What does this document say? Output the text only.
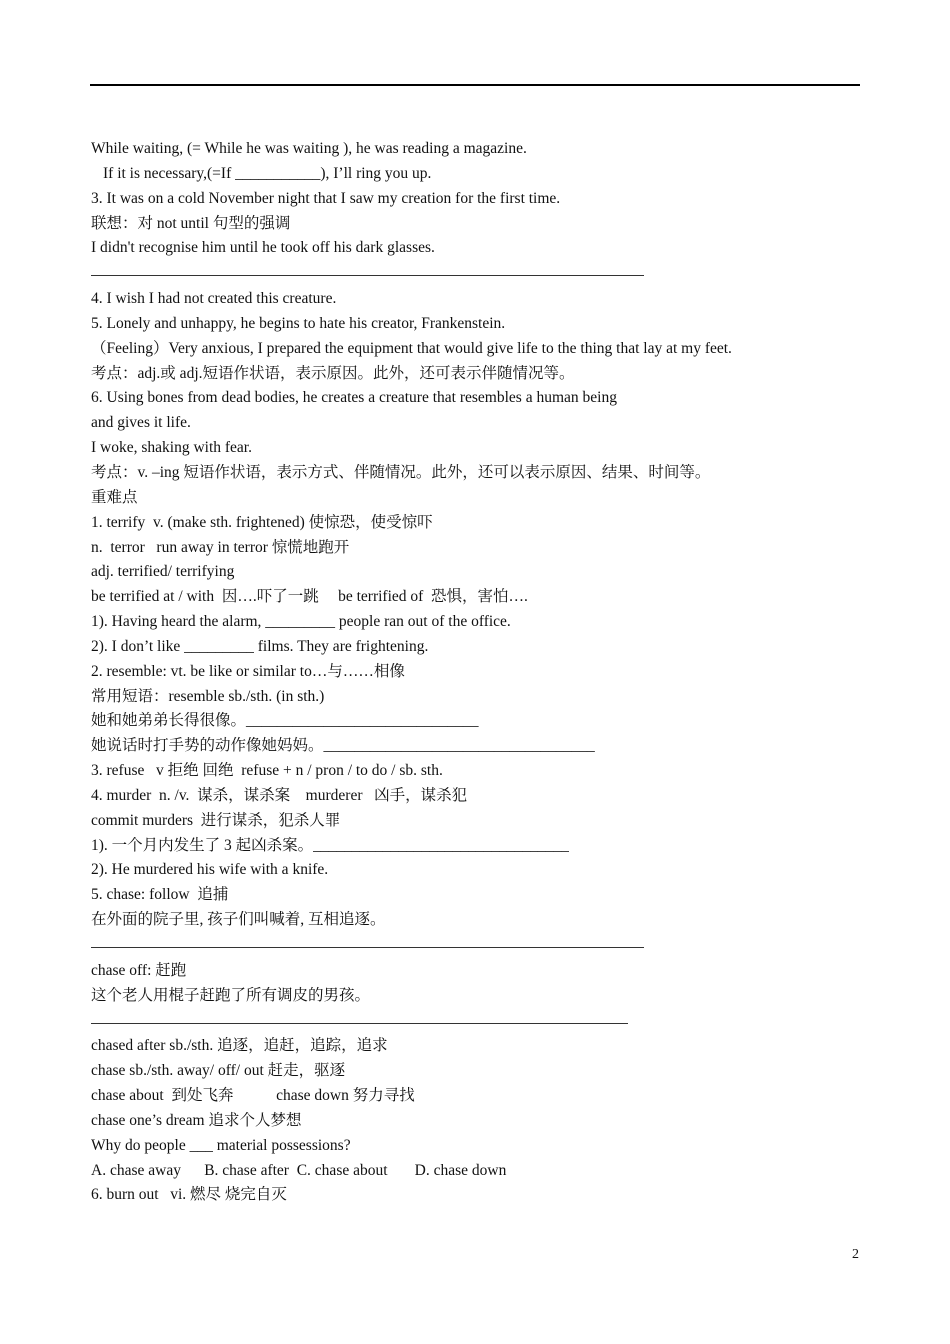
While waiting, (= While he was waiting ), he was reading a magazine.
If it is necessary,(=If ___________), I’ll ring you up.
3. It was on a cold November night that I saw my creation for the first time.
联想：对 not until 句型的强调
I didn't recognise him until he took off his dark glasses.
4. I wish I had not created this creature.
5. Lonely and unhappy, he begins to hate his creator, Frankenstein.
（Feeling）Very anxious, I prepared the equipment that would give life to the thing that lay at my feet.
考点：adj.或 adj.短语作状语，表示原因。此外，还可表示伴随情况等。
6. Using bones from dead bodies, he creates a creature that resembles a human being
and gives it life.
I woke, shaking with fear.
考点：v. –ing 短语作状语，表示方式、伴随情况。此外，还可以表示原因、结果、时间等。
重难点
1. terrify  v. (make sth. frightened) 使惊恐，使受惊吓
n.  terror   run away in terror 惊慌地跑开
adj. terrified/ terrifying
be terrified at / with  因….吓了一跳     be terrified of  恐惧，害怕….
1). Having heard the alarm, _________ people ran out of the office.
2). I don’t like _________ films. They are frightening.
2. resemble: vt. be like or similar to…与……相像
常用短语：resemble sb./sth. (in sth.)
她和她弟弟长得很像。______________________________
她说话时打手势的动作像她妈妈。___________________________________
3. refuse   v 拒绝 回绝  refuse + n / pron / to do / sb. sth.
4. murder  n. /v.  谋杀，谋杀案    murderer   凶手，谋杀犯
commit murders  进行谋杀，犯杀人罪
1). 一个月内发生了 3 起凶杀案。_________________________________
2). He murdered his wife with a knife.
5. chase: follow  追捕
在外面的院子里, 孩子们叫喊着, 互相追逐。
chase off: 赶跑
这个老人用棍子赶跑了所有调皮的男孩。
chased after sb./sth. 追逐，追赶，追踪，追求
chase sb./sth. away/ off/ out 赶走，驱逐
chase about  到处飞奔           chase down 努力寻找
chase one’s dream 追求个人梦想
Why do people ___ material possessions?
A. chase away      B. chase after  C. chase about       D. chase down
6. burn out   vi. 燃尽 烧完自灭
2
